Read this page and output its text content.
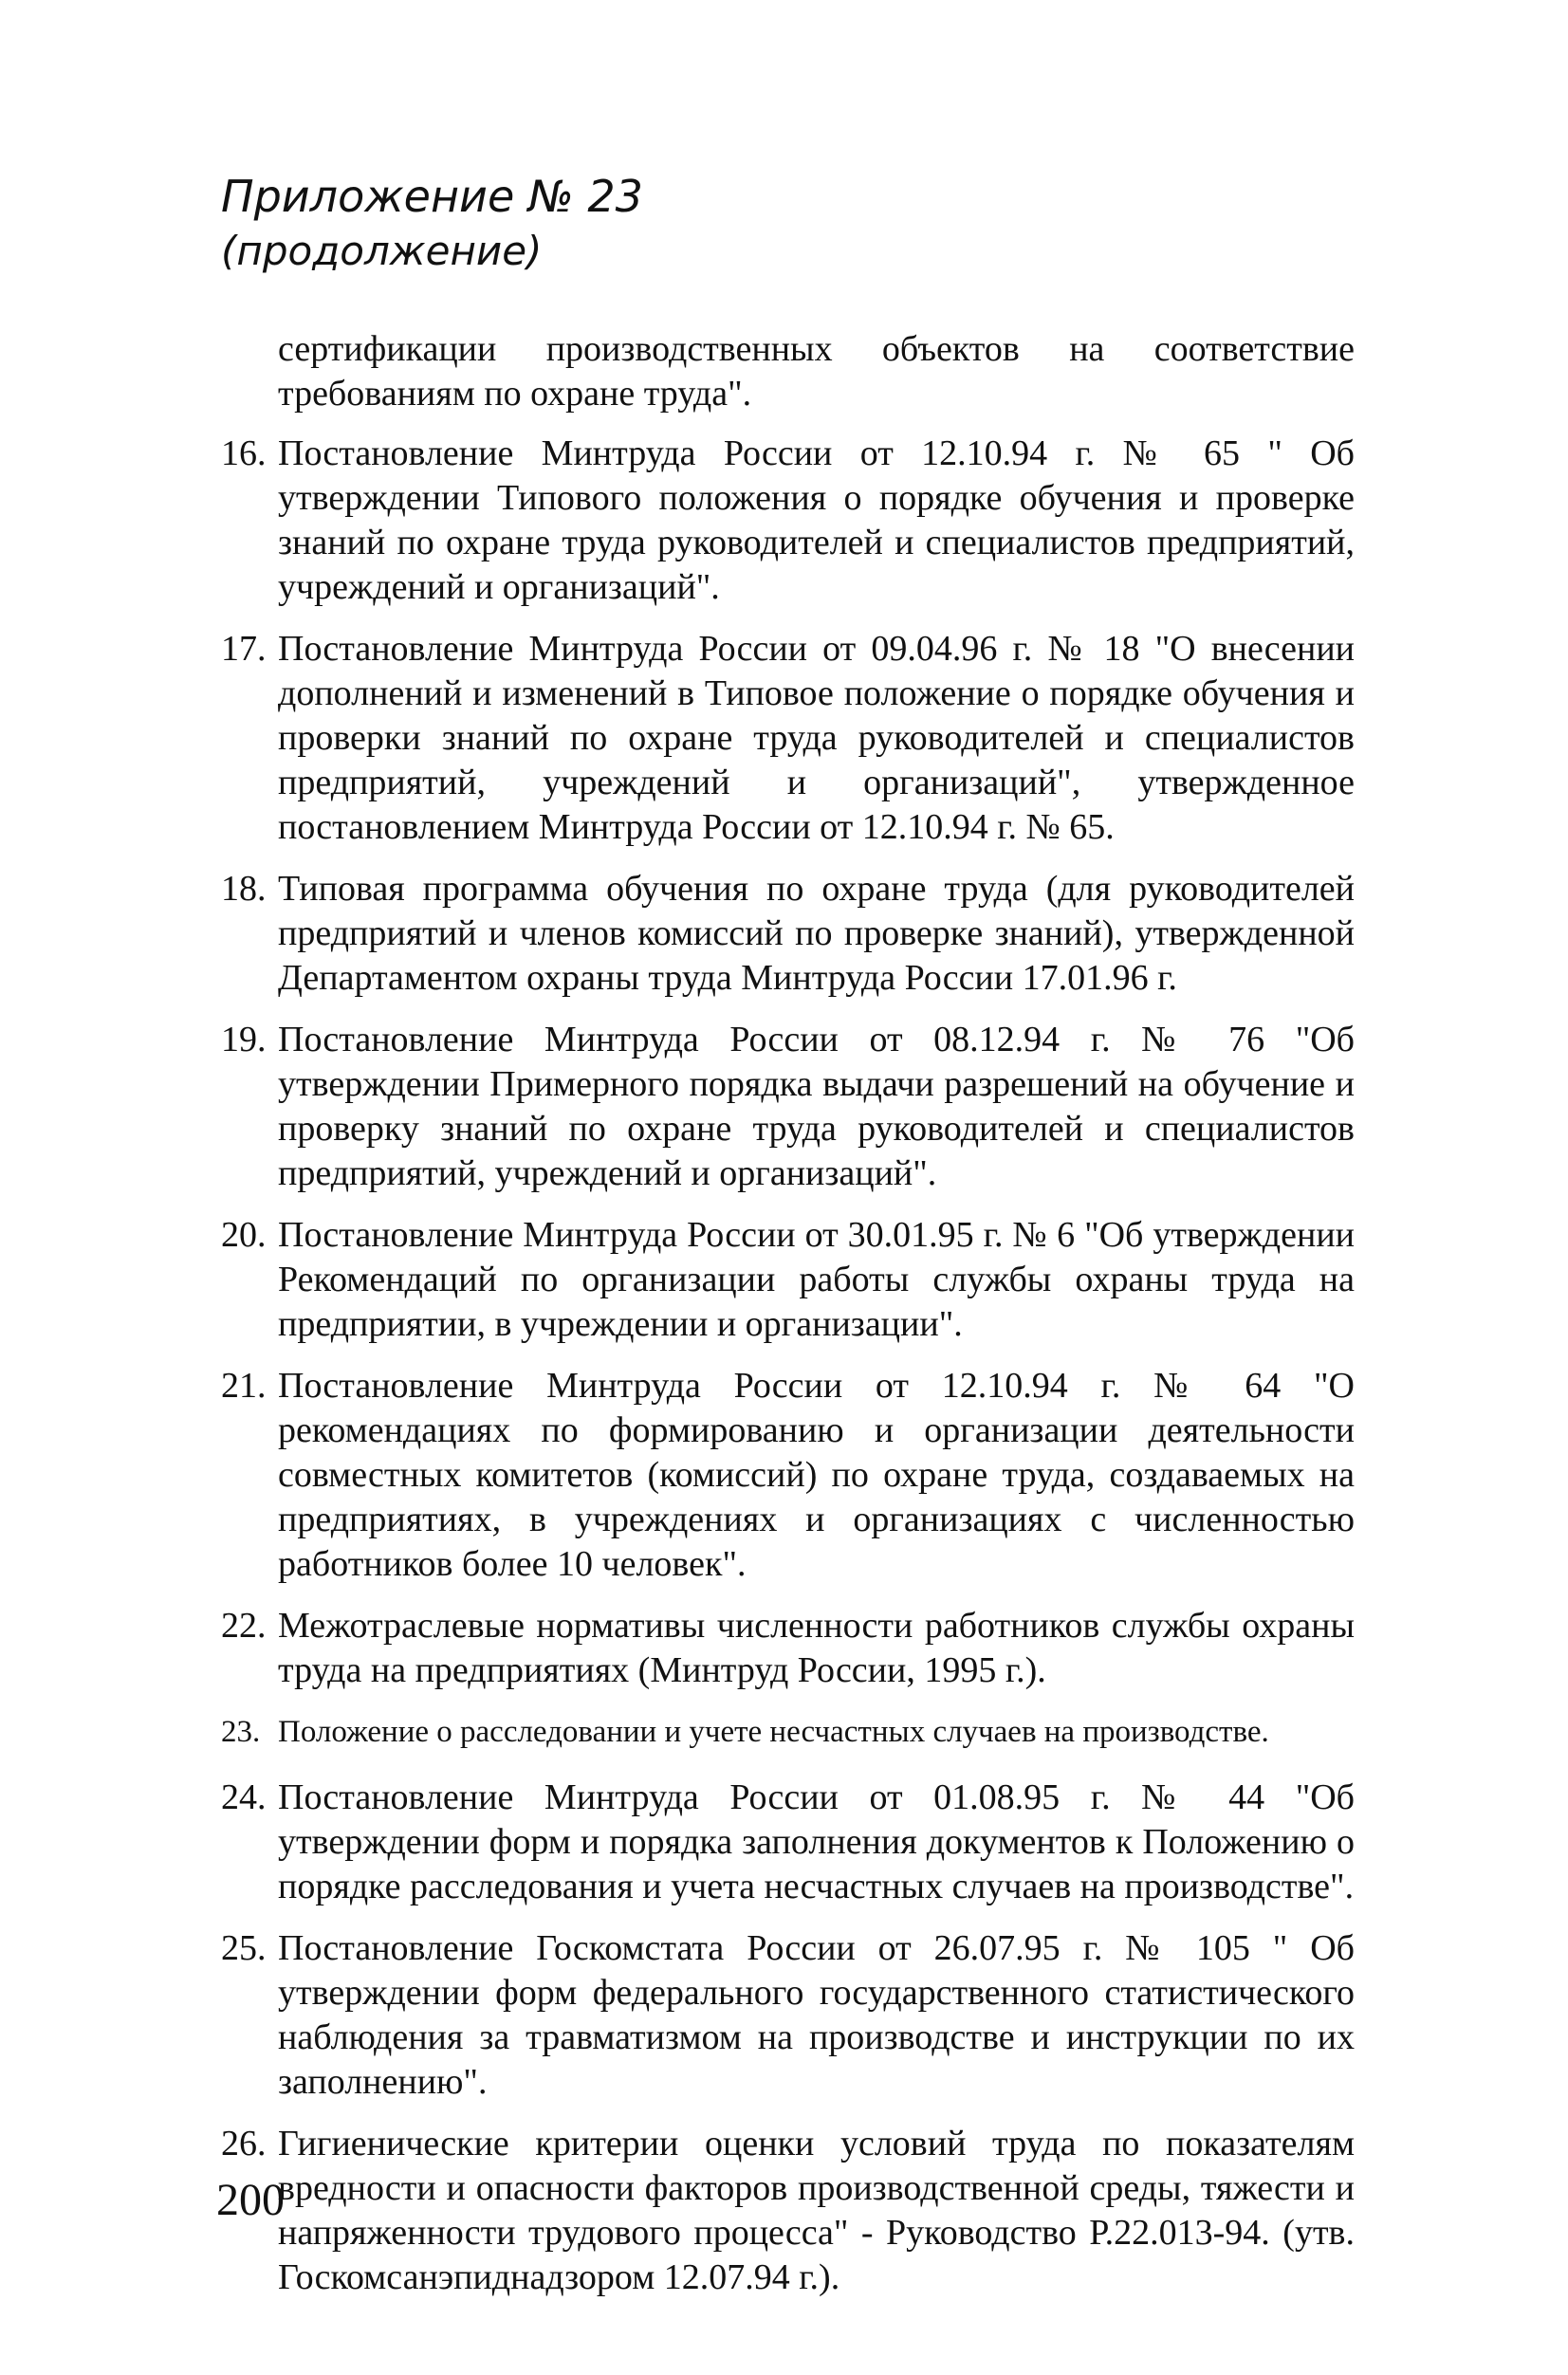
Приложение № 23
(продолжение)
сертификации производственных объектов на соответствие требованиям по охране труда".
16. Постановление Минтруда России от 12.10.94 г. № 65 " Об утверждении Типового положения о порядке обучения и проверке знаний по охране труда руководителей и специалистов предприятий, учреждений и организаций".
17. Постановление Минтруда России от 09.04.96 г. № 18 "О внесении дополнений и изменений в Типовое положение о порядке обучения и проверки знаний по охране труда руководителей и специалистов предприятий, учреждений и организаций", утвержденное постановлением Минтруда России от 12.10.94 г. № 65.
18. Типовая программа обучения по охране труда (для руководителей предприятий и членов комиссий по проверке знаний), утвержденной Департаментом охраны труда Минтруда России 17.01.96 г.
19. Постановление Минтруда России от 08.12.94 г. № 76 "Об утверждении Примерного порядка выдачи разрешений на обучение и проверку знаний по охране труда руководителей и специалистов предприятий, учреждений и организаций".
20. Постановление Минтруда России от 30.01.95 г. № 6 "Об утверждении Рекомендаций по организации работы службы охраны труда на предприятии, в учреждении и организации".
21. Постановление Минтруда России от 12.10.94 г. № 64 "О рекомендациях по формированию и организации деятельности совместных комитетов (комиссий) по охране труда, создаваемых на предприятиях, в учреждениях и организациях с численностью работников более 10 человек".
22. Межотраслевые нормативы численности работников службы охраны труда на предприятиях (Минтруд России, 1995 г.).
23. Положение о расследовании и учете несчастных случаев на производстве.
24. Постановление Минтруда России от 01.08.95 г. № 44 "Об утверждении форм и порядка заполнения документов к Положению о порядке расследования и учета несчастных случаев на производстве".
25. Постановление Госкомстата России от 26.07.95 г. № 105 " Об утверждении форм федерального государственного статистического наблюдения за травматизмом на производстве и инструкции по их заполнению".
26. Гигиенические критерии оценки условий труда по показателям вредности и опасности факторов производственной среды, тяжести и напряженности трудового процесса" - Руководство Р.22.013-94. (утв. Госкомсанэпиднадзором 12.07.94 г.).
200
